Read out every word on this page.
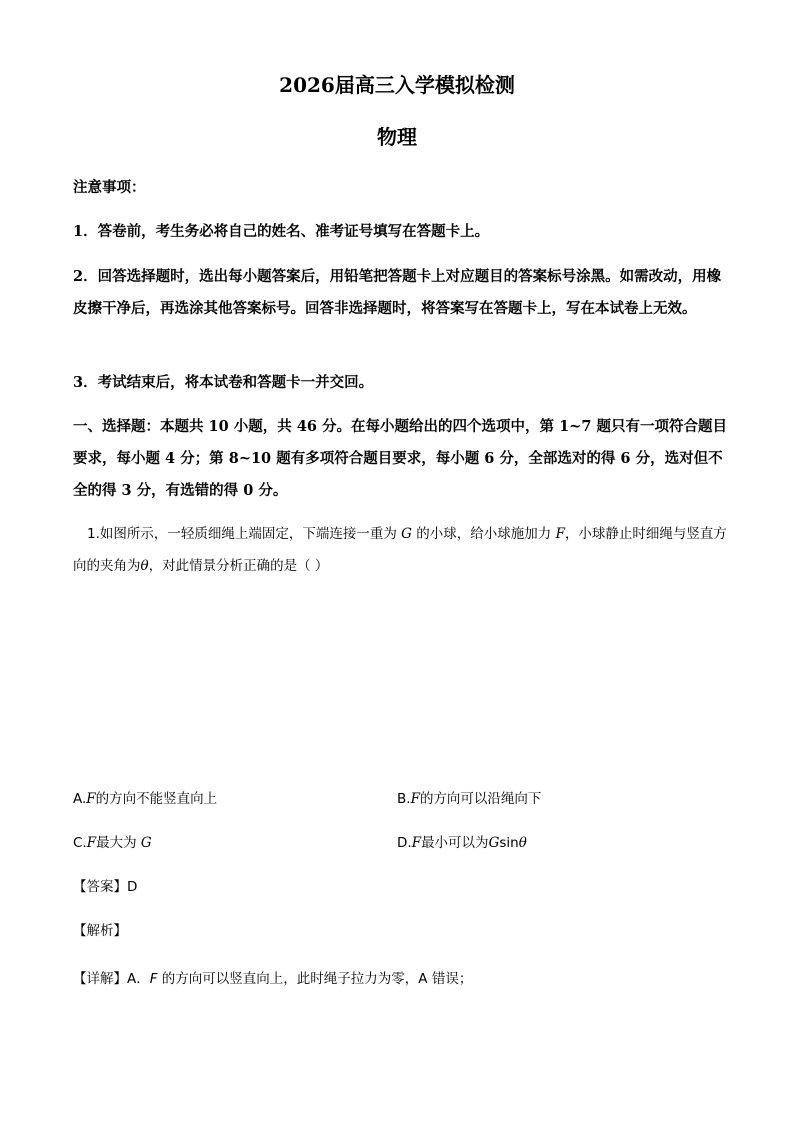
2026届高三入学模拟检测
物理
注意事项：
1．答卷前，考生务必将自己的姓名、准考证号填写在答题卡上。
2．回答选择题时，选出每小题答案后，用铅笔把答题卡上对应题目的答案标号涂黑。如需改动，用橡皮擦干净后，再选涂其他答案标号。回答非选择题时，将答案写在答题卡上，写在本试卷上无效。
3．考试结束后，将本试卷和答题卡一并交回。
一、选择题：本题共 10 小题，共 46 分。在每小题给出的四个选项中，第 1~7 题只有一项符合题目要求，每小题 4 分；第 8~10 题有多项符合题目要求，每小题 6 分，全部选对的得 6 分，选对但不全的得 3 分，有选错的得 0 分。
1.如图所示，一轻质细绳上端固定，下端连接一重为 G 的小球，给小球施加力 F，小球静止时细绳与竖直方向的夹角为θ，对此情景分析正确的是（ ）
A.F的方向不能竖直向上	B.F的方向可以沿绳向下
C.F最大为 G	D.F最小可以为Gsinθ
【答案】D
【解析】
【详解】A．F 的方向可以竖直向上，此时绳子拉力为零，A 错误；
